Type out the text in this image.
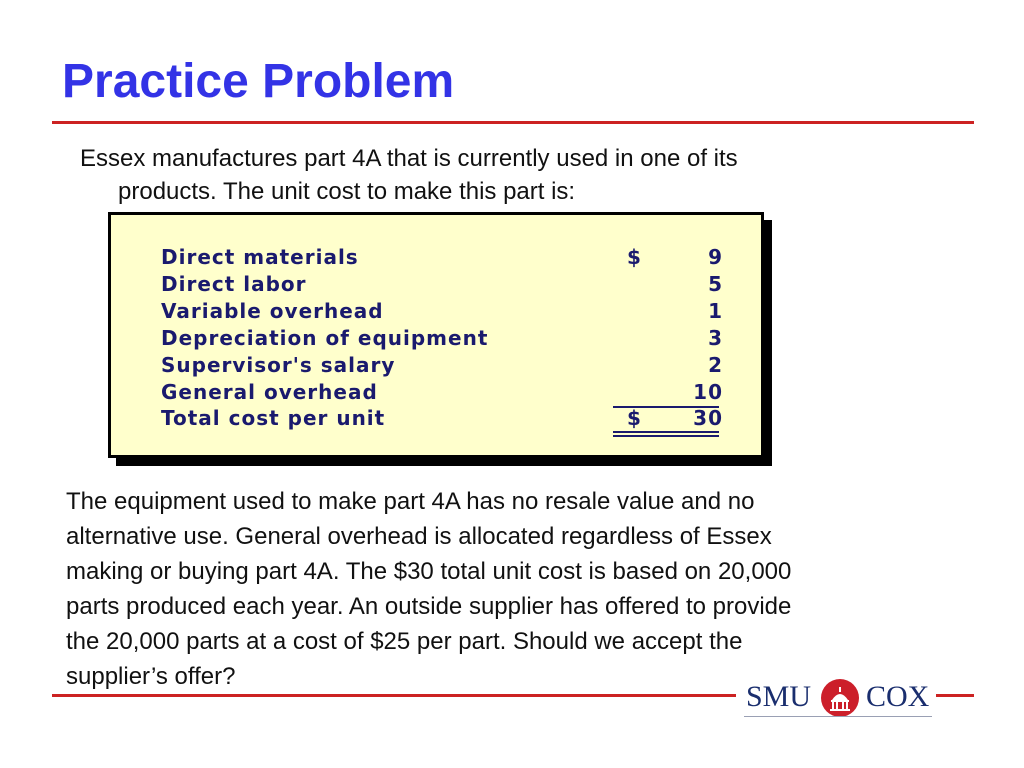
Practice Problem
Essex manufactures part 4A that is currently used in one of its
products. The unit cost to make this part is:
Direct materials	$	9
Direct labor	5
Variable overhead	1
Depreciation of equipment	3
Supervisor's salary	2
General overhead	10
Total cost per unit	$	30
The equipment used to make part 4A has no resale value and no
alternative use. General overhead is allocated regardless of Essex
making or buying part 4A. The $30 total unit cost is based on 20,000
parts produced each year. An outside supplier has offered to provide
the 20,000 parts at a cost of $25 per part. Should we accept the
supplier’s offer?
SMU COX
